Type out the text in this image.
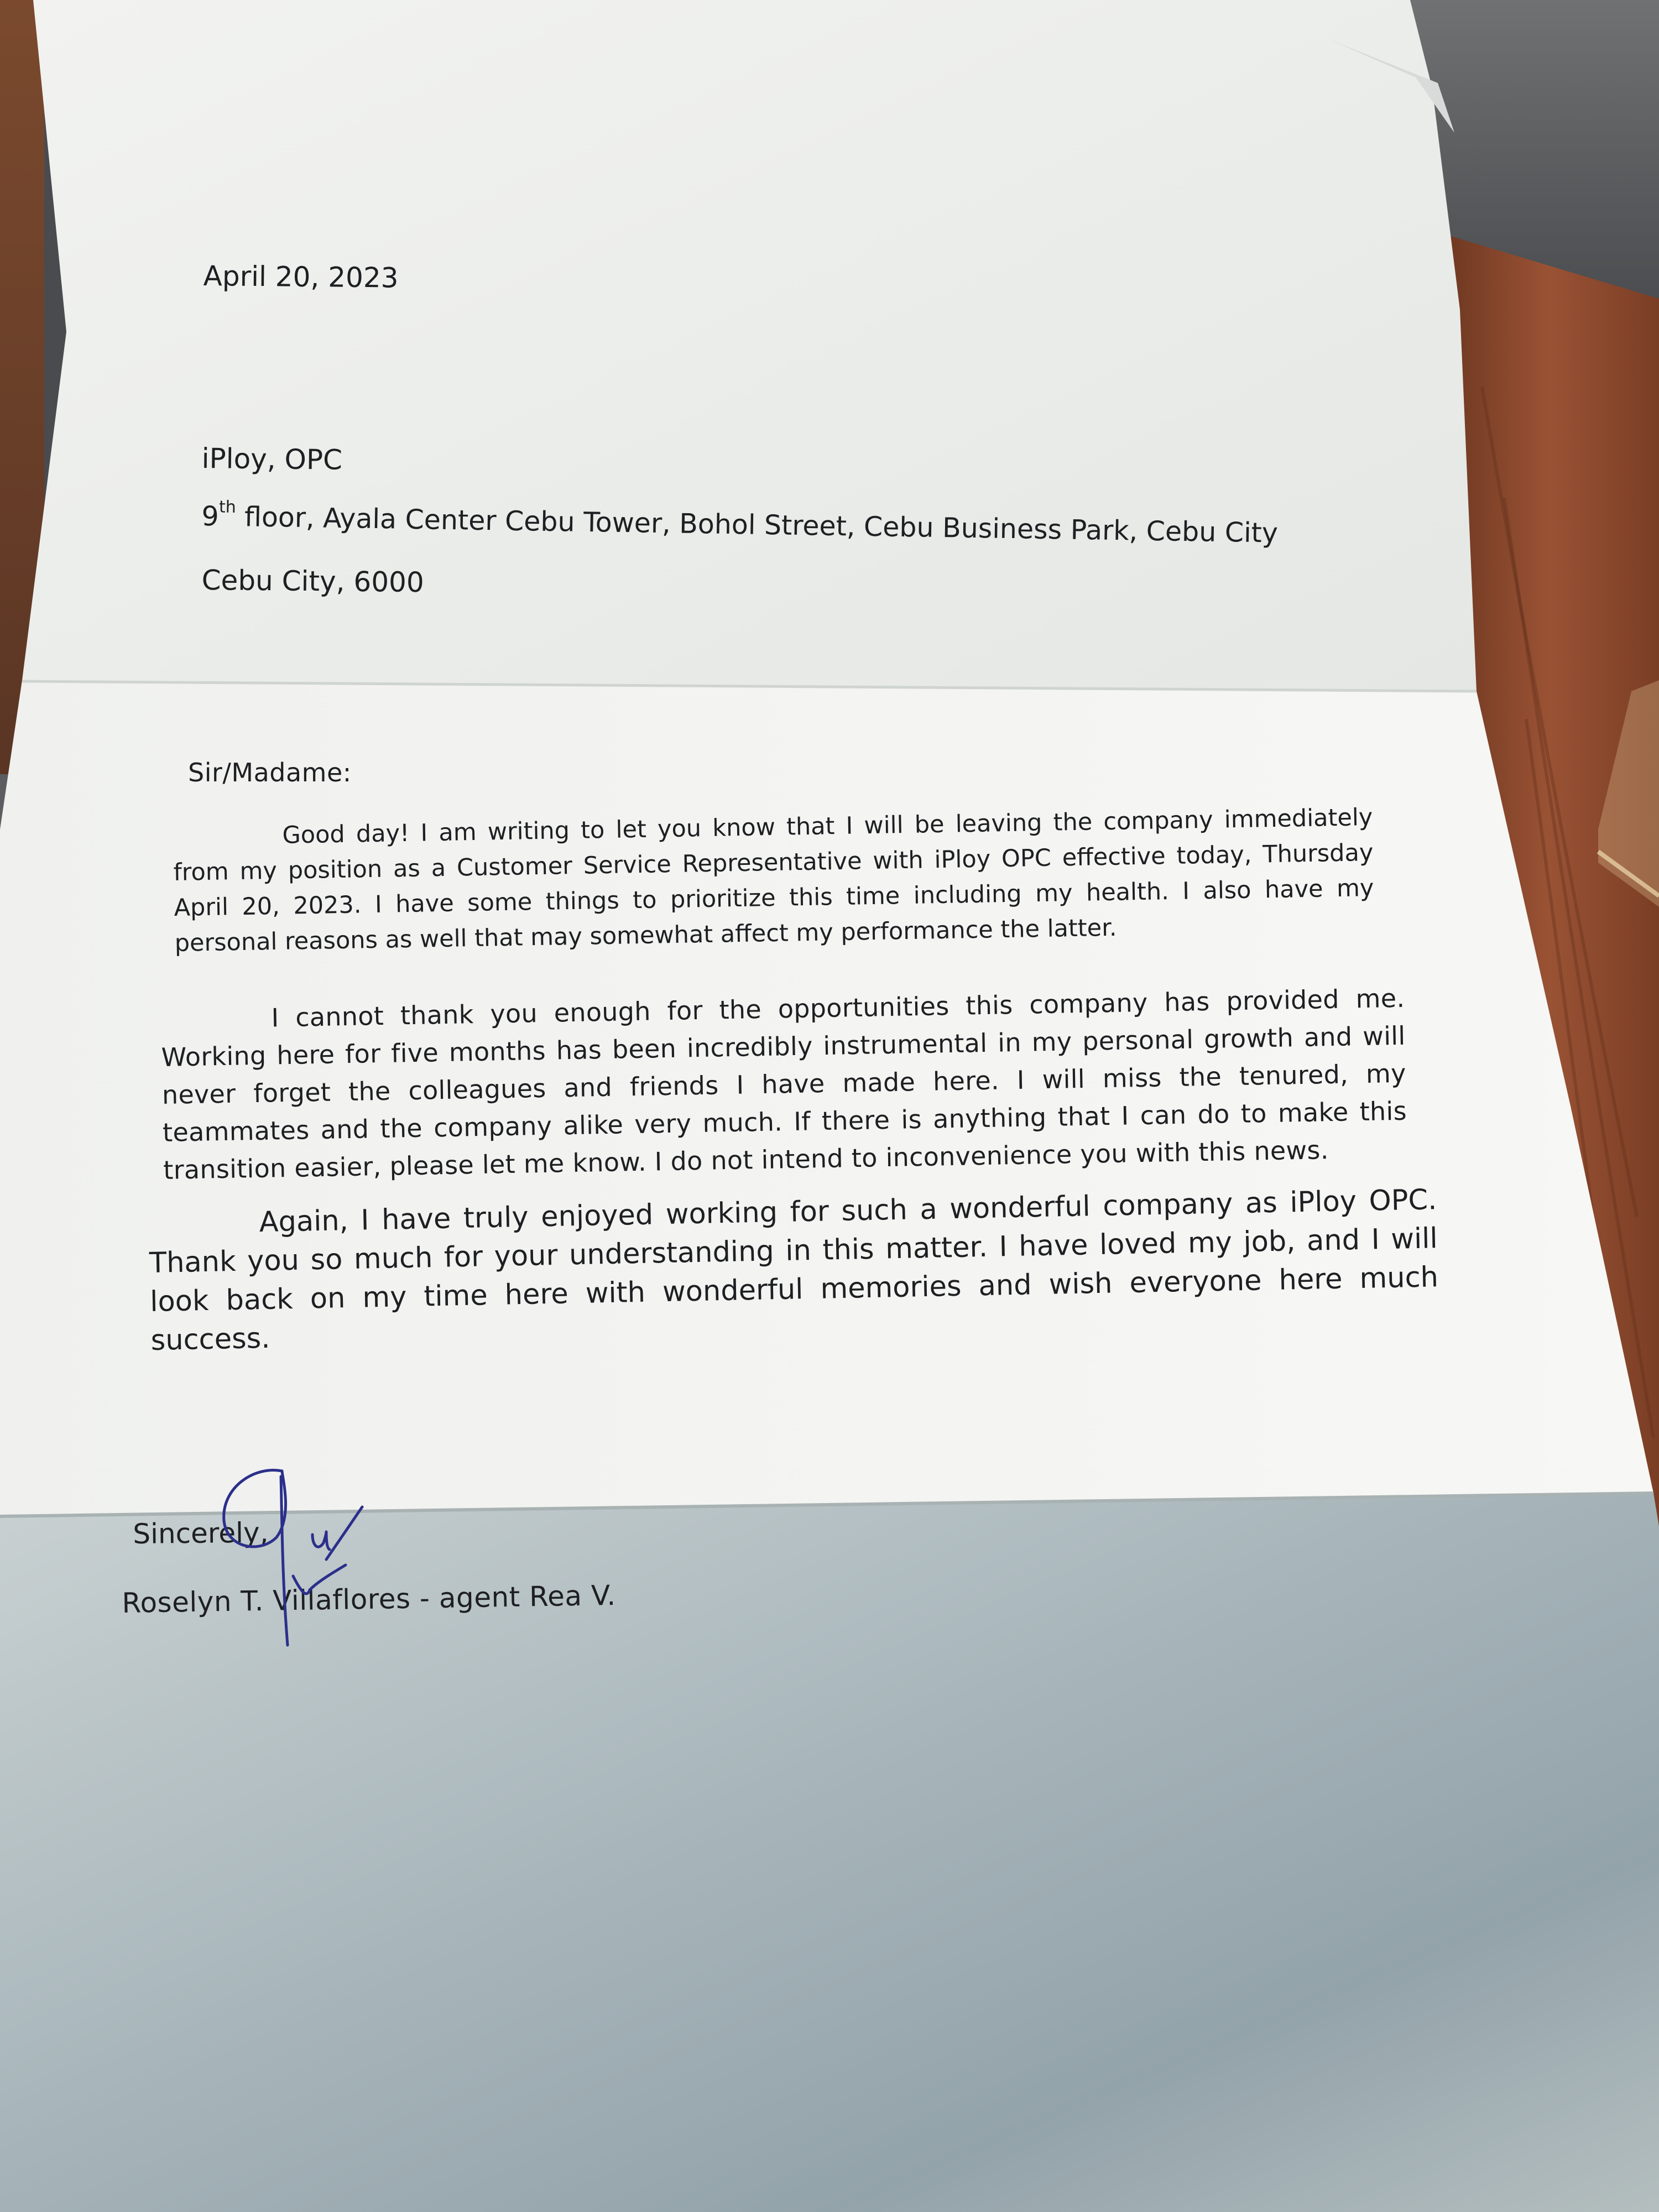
April 20, 2023
iPloy, OPC
9th floor, Ayala Center Cebu Tower, Bohol Street, Cebu Business Park, Cebu City
Cebu City, 6000
Sir/Madame:
Good day! I am writing to let you know that I will be leaving the company immediately from my position as a Customer Service Representative with iPloy OPC effective today, Thursday April 20, 2023. I have some things to prioritize this time including my health. I also have my personal reasons as well that may somewhat affect my performance the latter.
I cannot thank you enough for the opportunities this company has provided me. Working here for five months has been incredibly instrumental in my personal growth and will never forget the colleagues and friends I have made here. I will miss the tenured, my teammates and the company alike very much. If there is anything that I can do to make this transition easier, please let me know. I do not intend to inconvenience you with this news.
Again, I have truly enjoyed working for such a wonderful company as iPloy OPC. Thank you so much for your understanding in this matter. I have loved my job, and I will look back on my time here with wonderful memories and wish everyone here much success.
Sincerely,
Roselyn T. Villaflores - agent Rea V.
